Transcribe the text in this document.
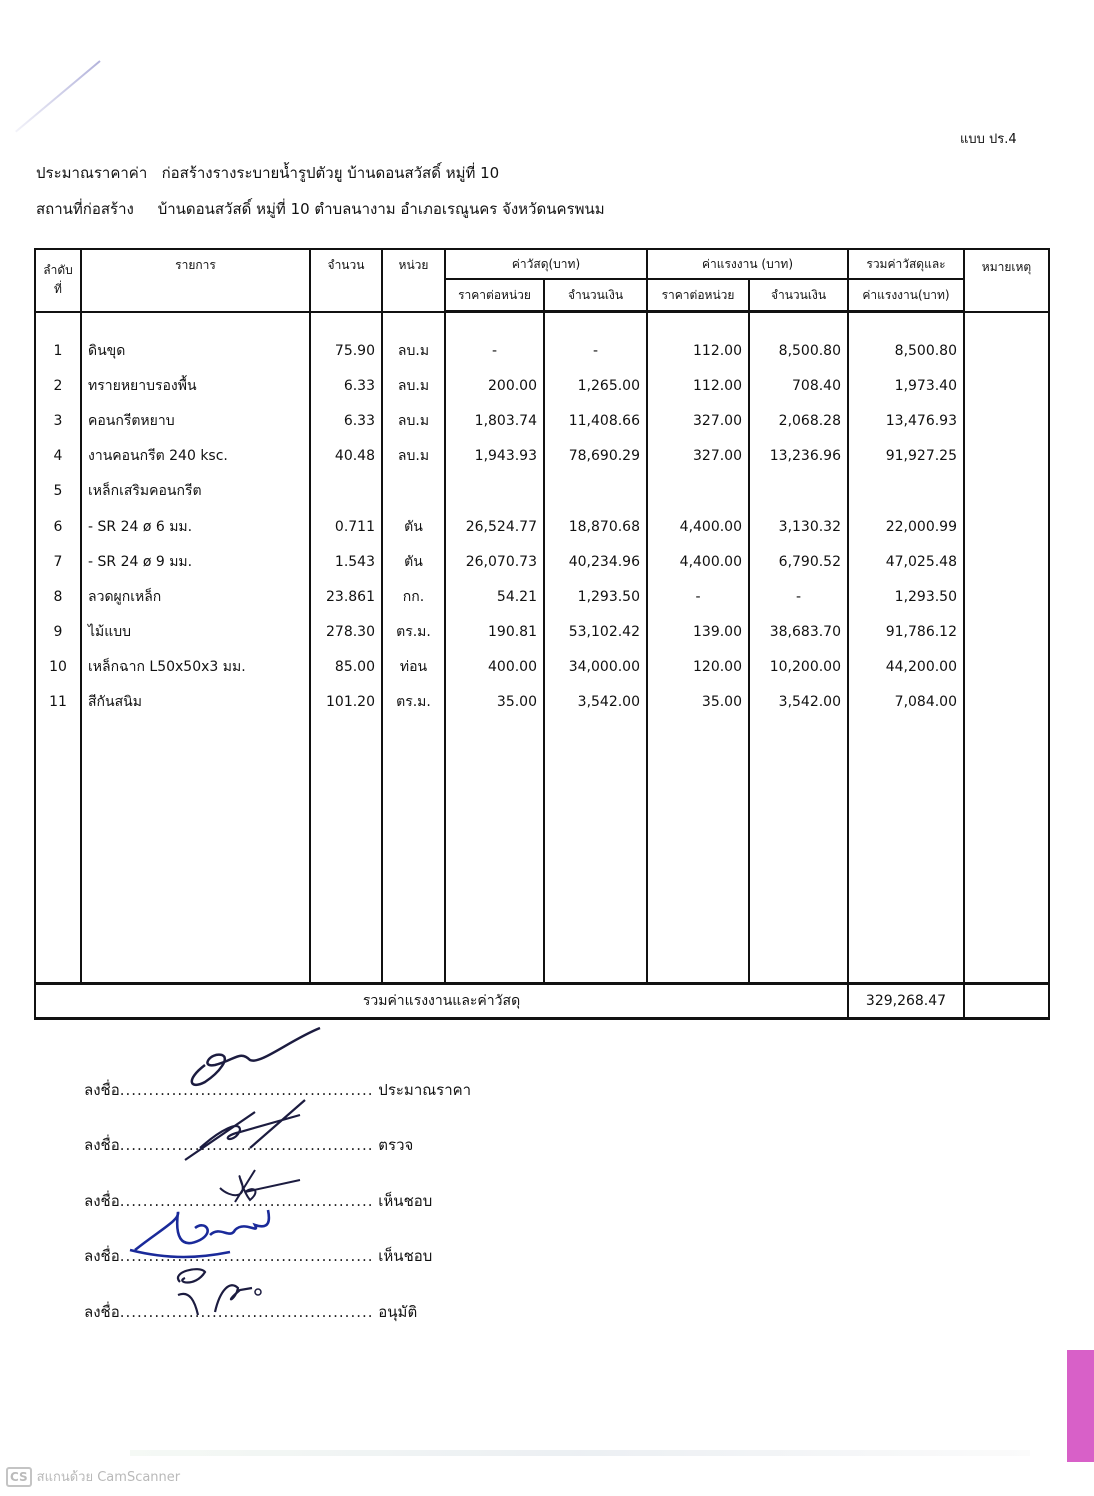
แบบ ปร.4
ประมาณราคาค่า ก่อสร้างรางระบายน้ำรูปตัวยู บ้านดอนสวัสดิ์ หมู่ที่ 10
สถานที่ก่อสร้าง บ้านดอนสวัสดิ์ หมู่ที่ 10 ตำบลนางาม อำเภอเรณูนคร จังหวัดนครพนม
ลำดับ
ที่	รายการ	จำนวน	หน่วย	ค่าวัสดุ(บาท)		ค่าแรงงาน (บาท)		รวมค่าวัสดุและ	หมายเหตุ
				ราคาต่อหน่วย	จำนวนเงิน	ราคาต่อหน่วย	จำนวนเงิน	ค่าแรงงาน(บาท)	

1	ดินขุด	75.90	ลบ.ม	-	-	112.00	8,500.80	8,500.80	
2	ทรายหยาบรองพื้น	6.33	ลบ.ม	200.00	1,265.00	112.00	708.40	1,973.40	
3	คอนกรีตหยาบ	6.33	ลบ.ม	1,803.74	11,408.66	327.00	2,068.28	13,476.93	
4	งานคอนกรีต 240 ksc.	40.48	ลบ.ม	1,943.93	78,690.29	327.00	13,236.96	91,927.25	
5	เหล็กเสริมคอนกรีต								
6	- SR 24 ø 6 มม.	0.711	ตัน	26,524.77	18,870.68	4,400.00	3,130.32	22,000.99	
7	- SR 24 ø 9 มม.	1.543	ตัน	26,070.73	40,234.96	4,400.00	6,790.52	47,025.48	
8	ลวดผูกเหล็ก	23.861	กก.	54.21	1,293.50	-	-	1,293.50	
9	ไม้แบบ	278.30	ตร.ม.	190.81	53,102.42	139.00	38,683.70	91,786.12	
10	เหล็กฉาก L50x50x3 มม.	85.00	ท่อน	400.00	34,000.00	120.00	10,200.00	44,200.00	
11	สีกันสนิม	101.20	ตร.ม.	35.00	3,542.00	35.00	3,542.00	7,084.00	

รวมค่าแรงงานและค่าวัสดุ								329,268.47	
ลงชื่อ............................................ ประมาณราคา
ลงชื่อ............................................ ตรวจ
ลงชื่อ............................................ เห็นชอบ
ลงชื่อ............................................ เห็นชอบ
ลงชื่อ............................................ อนุมัติ
CS สแกนด้วย CamScanner
